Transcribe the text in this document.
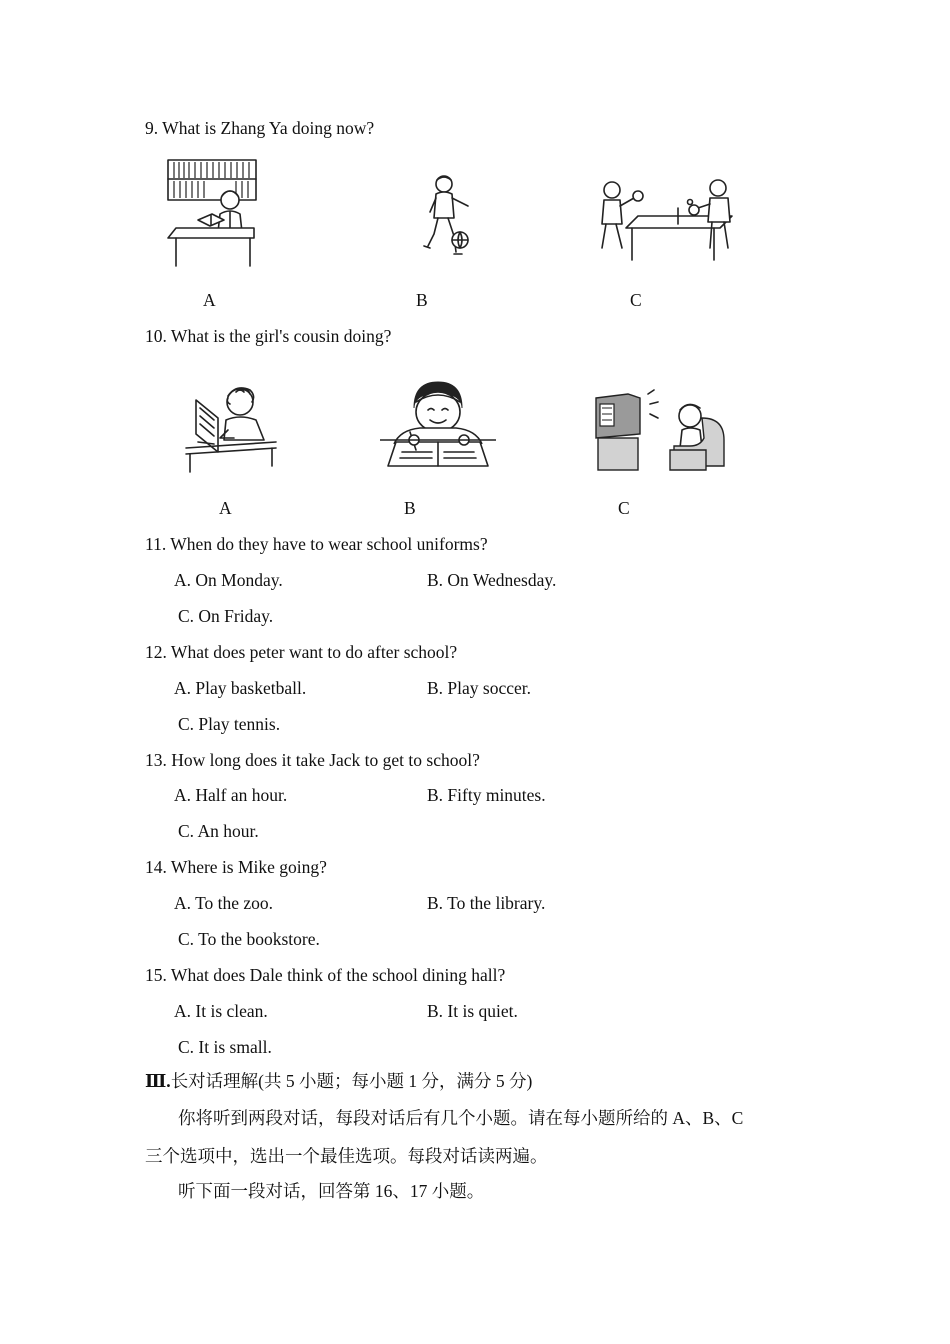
9. What is Zhang Ya doing now?
A	B	C
10. What is the girl's cousin doing?
A	B	C
11. When do they have to wear school uniforms?
A. On Monday.	B. On Wednesday.
C. On Friday.
12. What does peter want to do after school?
A. Play basketball.	B. Play soccer.
C. Play tennis.
13. How long does it take Jack to get to school?
A. Half an hour.	B. Fifty minutes.
C. An hour.
14. Where is Mike going?
A. To the zoo.	B. To the library.
C. To the bookstore.
15. What does Dale think of the school dining hall?
A. It is clean.	B. It is quiet.
C. It is small.
Ⅲ.长对话理解(共 5 小题；每小题 1 分，满分 5 分)
你将听到两段对话，每段对话后有几个小题。请在每小题所给的 A、B、C
三个选项中，选出一个最佳选项。每段对话读两遍。
听下面一段对话，回答第 16、17 小题。
